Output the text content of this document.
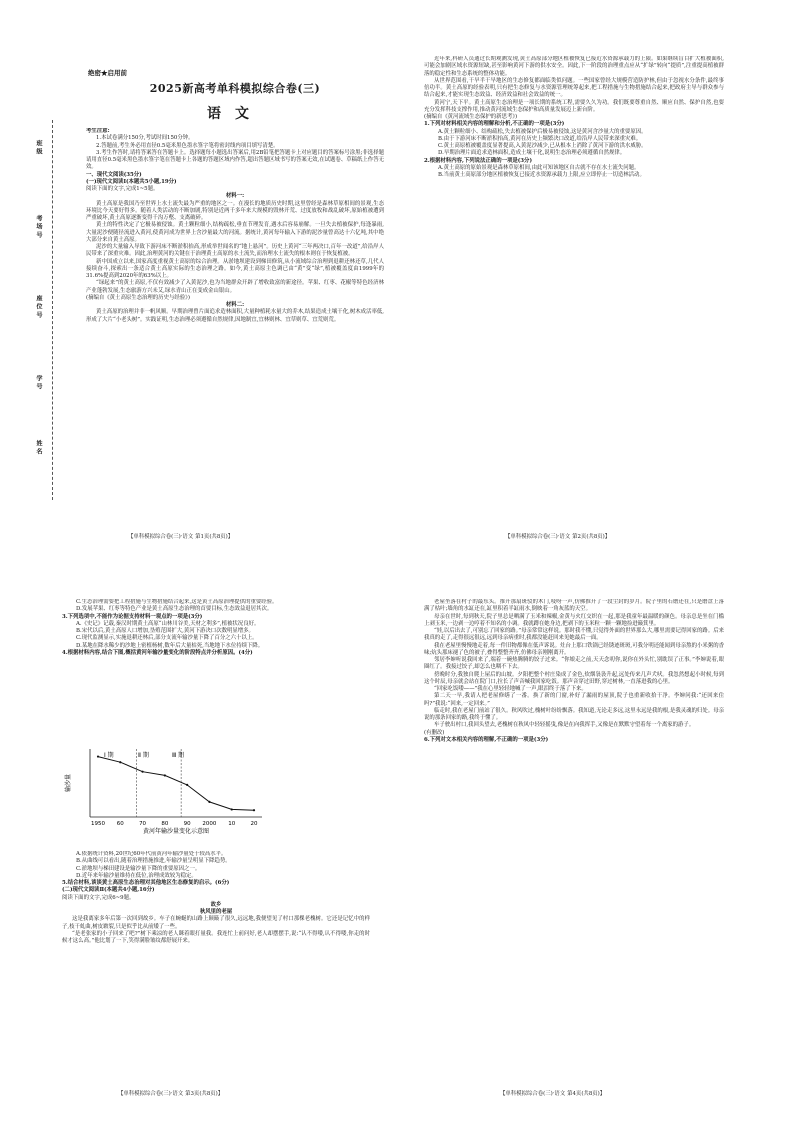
绝密★启用前
2025新高考单科模拟综合卷(三)
语文
班级
考场号
座位号
学号
姓名

考生注意:

1.本试卷满分150分,考试时间150分钟。

2.答题前,考生务必用直径0.5毫米黑色墨水签字笔将密封线内项目填写清楚。

3.考生作答时,请将答案答在答题卡上。选择题每小题选出答案后,用2B铅笔把答题卡上对应题目的答案标号涂黑;非选择题请用直径0.5毫米黑色墨水签字笔在答题卡上各题的答题区域内作答,超出答题区域书写的答案无效,在试题卷、草稿纸上作答无效。

一、现代文阅读(35分)

(一)现代文阅读Ⅰ(本题共5小题,19分)

阅读下面的文字,完成1~5题。

材料一:

黄土高原是我国乃至世界上水土流失最为严重的地区之一。在漫长的地质历史时期,这里曾经是森林草原相间的景观,生态环境比今天要好得多。随着人类活动的不断加剧,特别是近两千多年来大规模的毁林开荒、过度放牧和战乱破坏,原始植被遭到严重破坏,黄土高原逐渐变得千沟万壑、支离破碎。

黄土的特性决定了它极易被侵蚀。黄土颗粒细小,结构疏松,垂直节理发育,遇水后容易崩解。一旦失去植被保护,每逢暴雨,大量泥沙便随径流进入黄河,使黄河成为世界上含沙量最大的河流。据统计,黄河每年输入下游的泥沙量曾高达十六亿吨,其中绝大部分来自黄土高原。

泥沙的大量输入导致下游河床不断淤积抬高,形成举世闻名的“地上悬河”。历史上黄河“三年两决口,百年一改道”,给沿岸人民带来了深重灾难。因此,治理黄河的关键在于治理黄土高原的水土流失,而治理水土流失的根本则在于恢复植被。

新中国成立以来,国家高度重视黄土高原的综合治理。从淤地坝建设到梯田修筑,从小流域综合治理到退耕还林还草,几代人接续奋斗,探索出一条适合黄土高原实际的生态治理之路。如今,黄土高原主色调已由“黄”变“绿”,植被覆盖度由1999年的31.6%提高到2020年的63%以上。

“绿起来”的黄土高原,不仅有效减少了入黄泥沙,也为当地群众开辟了增收致富的新途径。苹果、红枣、花椒等特色经济林产业蓬勃发展,生态旅游方兴未艾,绿水青山正在变成金山银山。

(摘编自《黄土高原生态治理的历史与经验》)

材料二:

黄土高原的治理并非一帆风顺。早期治理曾片面追求造林面积,大量种植耗水量大的乔木,结果造成土壤干化,树木成活率低,形成了大片“小老头树”。实践证明,生态治理必须遵循自然规律,因地制宜,宜林则林、宜草则草、宜荒则荒。

【单科模拟综合卷(三)·语文 第1页(共8页)】

近年来,科研人员通过长期观测发现,黄土高原部分地区植被恢复已接近水资源承载力的上限。如果继续盲目扩大植被面积,可能会加剧区域水资源短缺,甚至影响黄河下游的供水安全。因此,下一阶段的治理重点应从“扩绿”转向“提质”,注重提高植被群落的稳定性和生态系统的整体功能。

从世界范围看,干旱半干旱地区的生态修复都面临类似问题。一些国家曾经大规模营造防护林,但由于忽视水分条件,最终事倍功半。黄土高原的经验表明,只有把生态修复与水资源管理统筹起来,把工程措施与生物措施结合起来,把政府主导与群众参与结合起来,才能实现生态效益、经济效益和社会效益的统一。

黄河宁,天下平。黄土高原生态治理是一项长期的系统工程,需要久久为功。我们既要尊重自然、顺应自然、保护自然,也要充分发挥科技支撑作用,推动黄河流域生态保护和高质量发展迈上新台阶。

(摘编自《黄河流域生态保护的新思考》)

1.下列对材料相关内容的理解和分析,不正确的一项是(3分)

A.黄土颗粒细小、结构疏松,失去植被保护后极易被侵蚀,这是黄河含沙量大的重要原因。

B.由于下游河床不断淤积抬高,黄河在历史上频繁决口改道,给沿岸人民带来深重灾难。

C.黄土高原植被覆盖度显著提高,入黄泥沙减少,已从根本上消除了黄河下游的洪水威胁。

D.早期治理片面追求造林面积,造成土壤干化,说明生态治理必须遵循自然规律。

2.根据材料内容,下列说法正确的一项是(3分)

A.黄土高原的原始景观是森林草原相间,由此可知该地区自古就不存在水土流失问题。

B.当前黄土高原部分地区植被恢复已接近水资源承载力上限,应立即停止一切造林活动。

【单科模拟综合卷(三)·语文 第2页(共8页)】

C.生态治理需要把工程措施与生物措施结合起来,这是黄土高原治理提供的重要经验。

D.发展苹果、红枣等特色产业是黄土高原生态治理的首要目标,生态效益退居其次。

3.下列选项中,不能作为论据支持材料一观点的一项是(3分)

A.《史记》记载,秦汉时期黄土高原“山林川谷美,天材之利多”,植被状况良好。

B.宋代以后,黄土高原人口增加,垦殖范围扩大,黄河下游决口次数明显增多。

C.现代监测显示,实施退耕还林后,部分支流年输沙量下降了百分之六十以上。

D.某地在降水稀少的沙地上密植杨树,数年后大量枯死,当地地下水位持续下降。

4.根据材料内容,结合下图,概括黄河年输沙量变化的阶段特点并分析原因。(4分)

Ⅰ 期	Ⅱ 期	Ⅲ 期
1950 60	70	80	90 2000 10	20
输沙量
黄河年输沙量变化示意图

A.依据统计资料,20世纪60年代前黄河年输沙量处于较高水平。

B.从曲线可以看出,随着治理措施推进,年输沙量呈明显下降趋势。

C.淤地坝与梯田建设是输沙量下降的重要原因之一。

D.近年来年输沙量维持在低位,治理成效较为稳定。

5.结合材料,谈谈黄土高原生态治理对其他地区生态修复的启示。(6分)

(二)现代文阅读Ⅱ(本题共4小题,16分)

阅读下面的文字,完成6~9题。

故乡

秋风里的老屋

这是我离家多年后第一次回到故乡。车子在蜿蜒的山路上颠簸了很久,远远地,我便望见了村口那棵老槐树。它还是记忆中的样子,枝干虬曲,树皮皲裂,只是似乎比从前矮了一些。

“是老张家的小子回来了吧?”树下乘凉的老人眯着眼打量我。我连忙上前问好,老人却摆摆手,说:“认不得喽,认不得喽,你走的时候才这么高。”他比划了一下,笑得满脸皱纹都舒展开来。

【单科模拟综合卷(三)·语文 第3页(共8页)】

老屋坐落在村子的最东头。推开那扇斑驳的木门,吱呀一声,仿佛推开了一段尘封的岁月。院子里的石磨还在,只是磨盘上落满了枯叶;墙角的水缸还在,缸里积着半缸雨水,倒映着一角灰蓝的天空。

母亲在世时,每到秋天,院子里总是晒满了玉米和辣椒,金黄与火红交织在一起,那是我童年最温暖的颜色。母亲总是坐在门槛上剥玉米,一边剥一边哼着不知名的小调。我就蹲在她身边,把剥下的玉米粒一颗一颗地捡进簸箕里。

“娃,以后出去了,可别忘了回家的路。”母亲常常这样说。那时我不懂,只觉得外面的世界那么大,哪里需要记得回家的路。后来我真的走了,走得很远很远,远到母亲病重时,我都没能赶回来见她最后一面。

我在老屋里慢慢地走着,每一件旧物都像在低声诉说。灶台上那口铁锅已经锈迹斑斑,可我分明还能闻到母亲熬的小米粥的香味;炕头那床褪了色的被子,叠得整整齐齐,仿佛母亲刚刚离开。

邻居李婶听说我回来了,端着一碗热腾腾的饺子过来。“你娘走之前,天天念叨你,说你在外头忙,别耽误了正事。”李婶说着,眼圈红了。我接过饺子,却怎么也咽不下去。

傍晚时分,我独自爬上屋后的山坡。夕阳把整个村庄染成了金色,炊烟袅袅升起,远处传来几声犬吠。我忽然想起小时候,每到这个时辰,母亲就会站在院门口,拉长了声音喊我回家吃饭。那声音穿过田野,穿过树林,一直落进我的心里。

“回家吃饭喽——”我在心里轻轻地喊了一声,眼泪终于落了下来。

第二天一早,我请人把老屋修缮了一番。换了新的门窗,补好了漏雨的屋顶,院子也重新收拾干净。李婶问我:“还回来住吗?”我说:“回来,一定回来。”

临走时,我在老屋门前站了很久。秋风吹过,槐树叶纷纷飘落。我知道,无论走多远,这里永远是我的根,是我灵魂的归处。母亲说的那条回家的路,我终于懂了。

车子驶出村口,我回头望去,老槐树在秋风中轻轻摇曳,像是在向我挥手,又像是在默默守望着每一个离家的游子。

(有删改)

6.下列对文本相关内容的理解,不正确的一项是(3分)

【单科模拟综合卷(三)·语文 第4页(共8页)】
